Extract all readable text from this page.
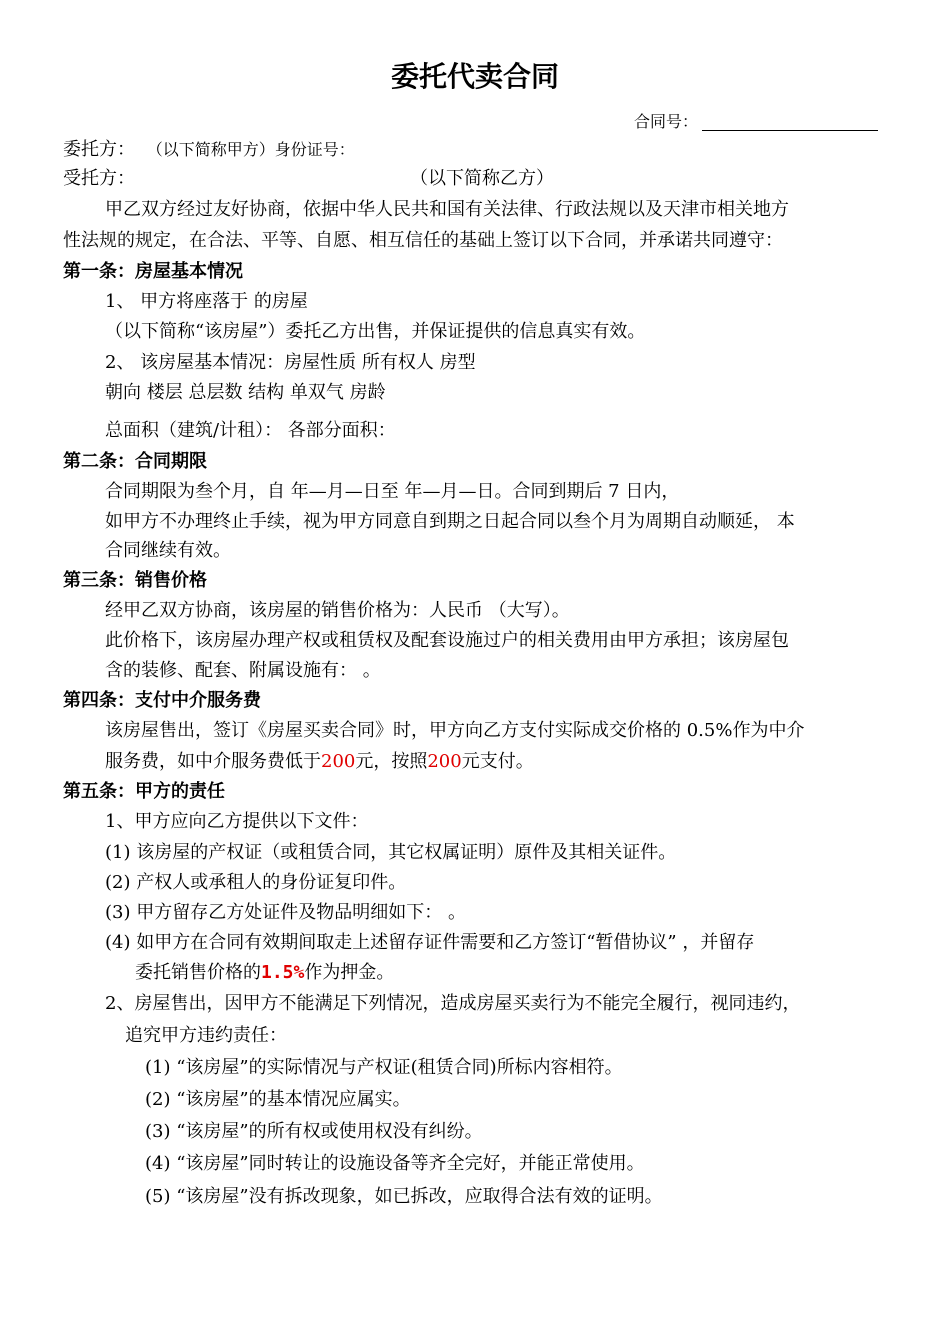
委托代卖合同
合同号：
委托方： （以下简称甲方）身份证号：
受托方：	（以下简称乙方）
甲乙双方经过友好协商，依据中华人民共和国有关法律、行政法规以及天津市相关地方
性法规的规定，在合法、平等、自愿、相互信任的基础上签订以下合同，并承诺共同遵守：
第一条：房屋基本情况
1、 甲方将座落于 的房屋
（以下简称“该房屋”）委托乙方出售，并保证提供的信息真实有效。
2、 该房屋基本情况：房屋性质 所有权人 房型
朝向 楼层 总层数 结构 单双气 房龄
总面积（建筑/计租）： 各部分面积：
第二条：合同期限
合同期限为叁个月，自 年—月—日至 年—月—日。合同到期后 7 日内，
如甲方不办理终止手续，视为甲方同意自到期之日起合同以叁个月为周期自动顺延， 本
合同继续有效。
第三条：销售价格
经甲乙双方协商，该房屋的销售价格为：人民币 （大写）。
此价格下，该房屋办理产权或租赁权及配套设施过户的相关费用由甲方承担；该房屋包
含的装修、配套、附属设施有： 。
第四条：支付中介服务费
该房屋售出，签订《房屋买卖合同》时，甲方向乙方支付实际成交价格的 0.5%作为中介
服务费，如中介服务费低于200元，按照200元支付。
第五条：甲方的责任
1、甲方应向乙方提供以下文件：
(1) 该房屋的产权证（或租赁合同，其它权属证明）原件及其相关证件。
(2) 产权人或承租人的身份证复印件。
(3) 甲方留存乙方处证件及物品明细如下： 。
(4) 如甲方在合同有效期间取走上述留存证件需要和乙方签订“暂借协议” ，并留存
委托销售价格的1.5%作为押金。
2、房屋售出，因甲方不能满足下列情况，造成房屋买卖行为不能完全履行，视同违约，
追究甲方违约责任：
(1) “该房屋”的实际情况与产权证(租赁合同)所标内容相符。
(2) “该房屋”的基本情况应属实。
(3) “该房屋”的所有权或使用权没有纠纷。
(4) “该房屋”同时转让的设施设备等齐全完好，并能正常使用。
(5) “该房屋”没有拆改现象，如已拆改，应取得合法有效的证明。
